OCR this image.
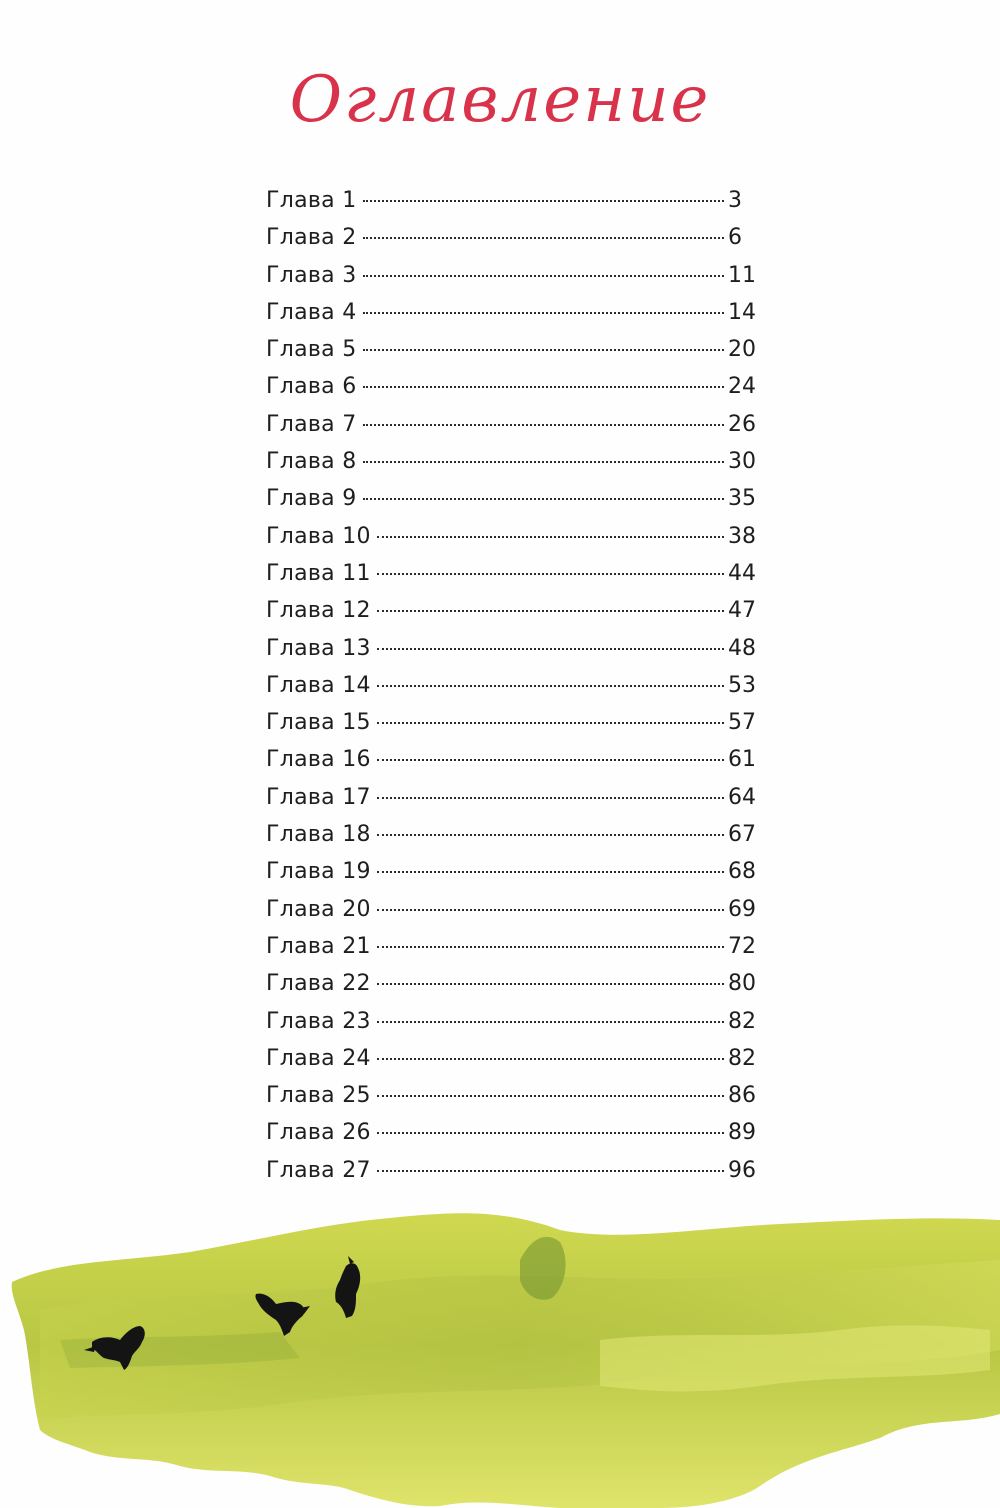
Оглавление
Глава 1	3
Глава 2	6
Глава 3	11
Глава 4	14
Глава 5	20
Глава 6	24
Глава 7	26
Глава 8	30
Глава 9	35
Глава 10	38
Глава 11	44
Глава 12	47
Глава 13	48
Глава 14	53
Глава 15	57
Глава 16	61
Глава 17	64
Глава 18	67
Глава 19	68
Глава 20	69
Глава 21	72
Глава 22	80
Глава 23	82
Глава 24	82
Глава 25	86
Глава 26	89
Глава 27	96
